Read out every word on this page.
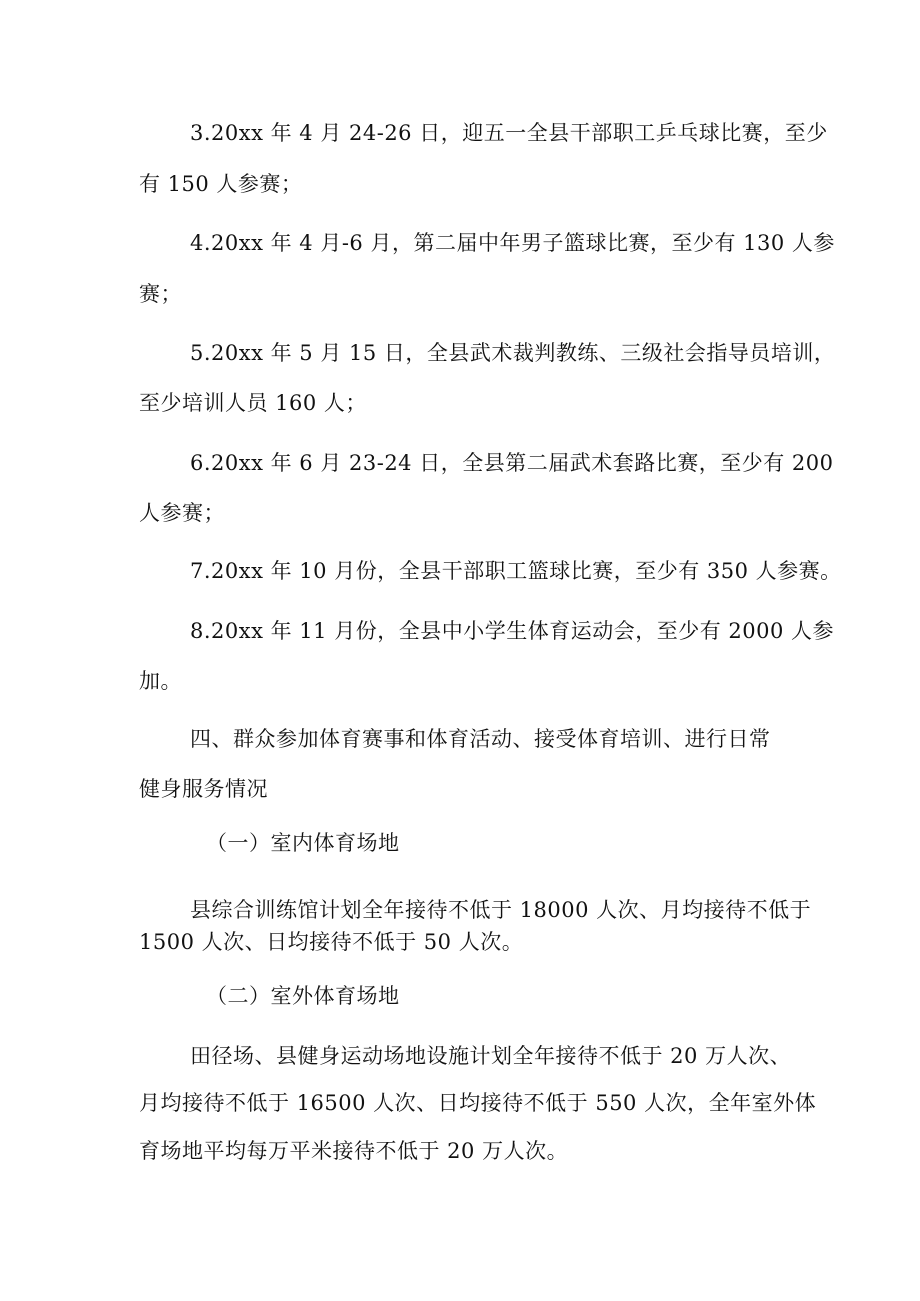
3.20xx 年 4 月 24-26 日，迎五一全县干部职工乒乓球比赛，至少
有 150 人参赛；
4.20xx 年 4 月-6 月，第二届中年男子篮球比赛，至少有 130 人参
赛；
5.20xx 年 5 月 15 日，全县武术裁判教练、三级社会指导员培训，
至少培训人员 160 人；
6.20xx 年 6 月 23-24 日，全县第二届武术套路比赛，至少有 200
人参赛；
7.20xx 年 10 月份，全县干部职工篮球比赛，至少有 350 人参赛。
8.20xx 年 11 月份，全县中小学生体育运动会，至少有 2000 人参
加。
四、群众参加体育赛事和体育活动、接受体育培训、进行日常
健身服务情况
（一）室内体育场地
县综合训练馆计划全年接待不低于 18000 人次、月均接待不低于
1500 人次、日均接待不低于 50 人次。
（二）室外体育场地
田径场、县健身运动场地设施计划全年接待不低于 20 万人次、
月均接待不低于 16500 人次、日均接待不低于 550 人次，全年室外体
育场地平均每万平米接待不低于 20 万人次。
